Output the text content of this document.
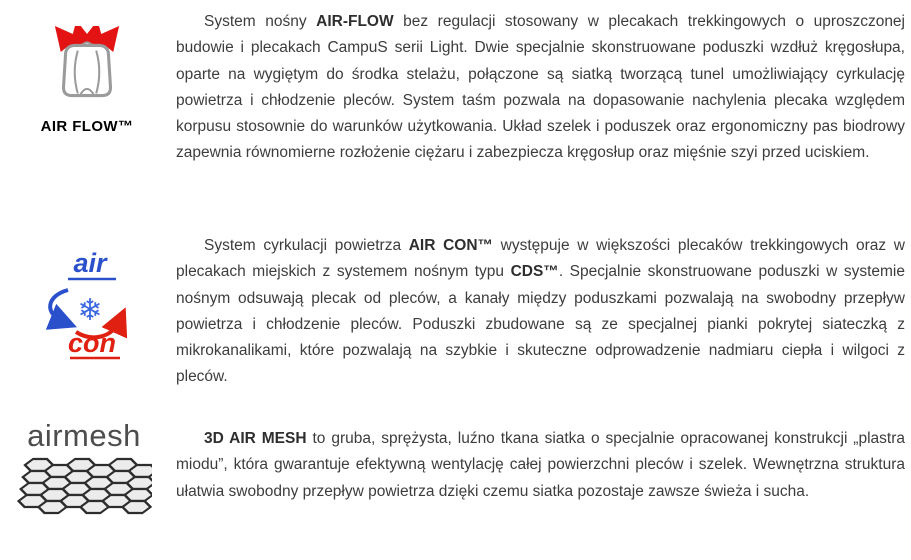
AIR FLOW™

System nośny AIR-FLOW bez regulacji stosowany w plecakach trekkingowych o uproszczonej budowie i plecakach CampuS serii Light. Dwie specjalnie skonstruowane poduszki wzdłuż kręgosłupa, oparte na wygiętym do środka stelażu, połączone są siatką tworzącą tunel umożliwiający cyrkulację powietrza i chłodzenie pleców. System taśm pozwala na dopasowanie nachylenia plecaka względem korpusu stosownie do warunków użytkowania. Układ szelek i poduszek oraz ergonomiczny pas biodrowy zapewnia równomierne rozłożenie ciężaru i zabezpiecza kręgosłup oraz mięśnie szyi przed uciskiem.

air
❄
con

System cyrkulacji powietrza AIR CON™ występuje w większości plecaków trekkingowych oraz w plecakach miejskich z systemem nośnym typu CDS™. Specjalnie skonstruowane poduszki w systemie nośnym odsuwają plecak od pleców, a kanały między poduszkami pozwalają na swobodny przepływ powietrza i chłodzenie pleców. Poduszki zbudowane są ze specjalnej pianki pokrytej siateczką z mikrokanalikami, które pozwalają na szybkie i skuteczne odprowadzenie nadmiaru ciepła i wilgoci z pleców.

airmesh	3D AIR MESH to gruba, sprężysta, luźno tkana siatka o specjalnie opracowanej konstrukcji „plastra miodu”, która gwarantuje efektywną wentylację całej powierzchni pleców i szelek. Wewnętrzna struktura ułatwia swobodny przepływ powietrza dzięki czemu siatka pozostaje zawsze świeża i sucha.
